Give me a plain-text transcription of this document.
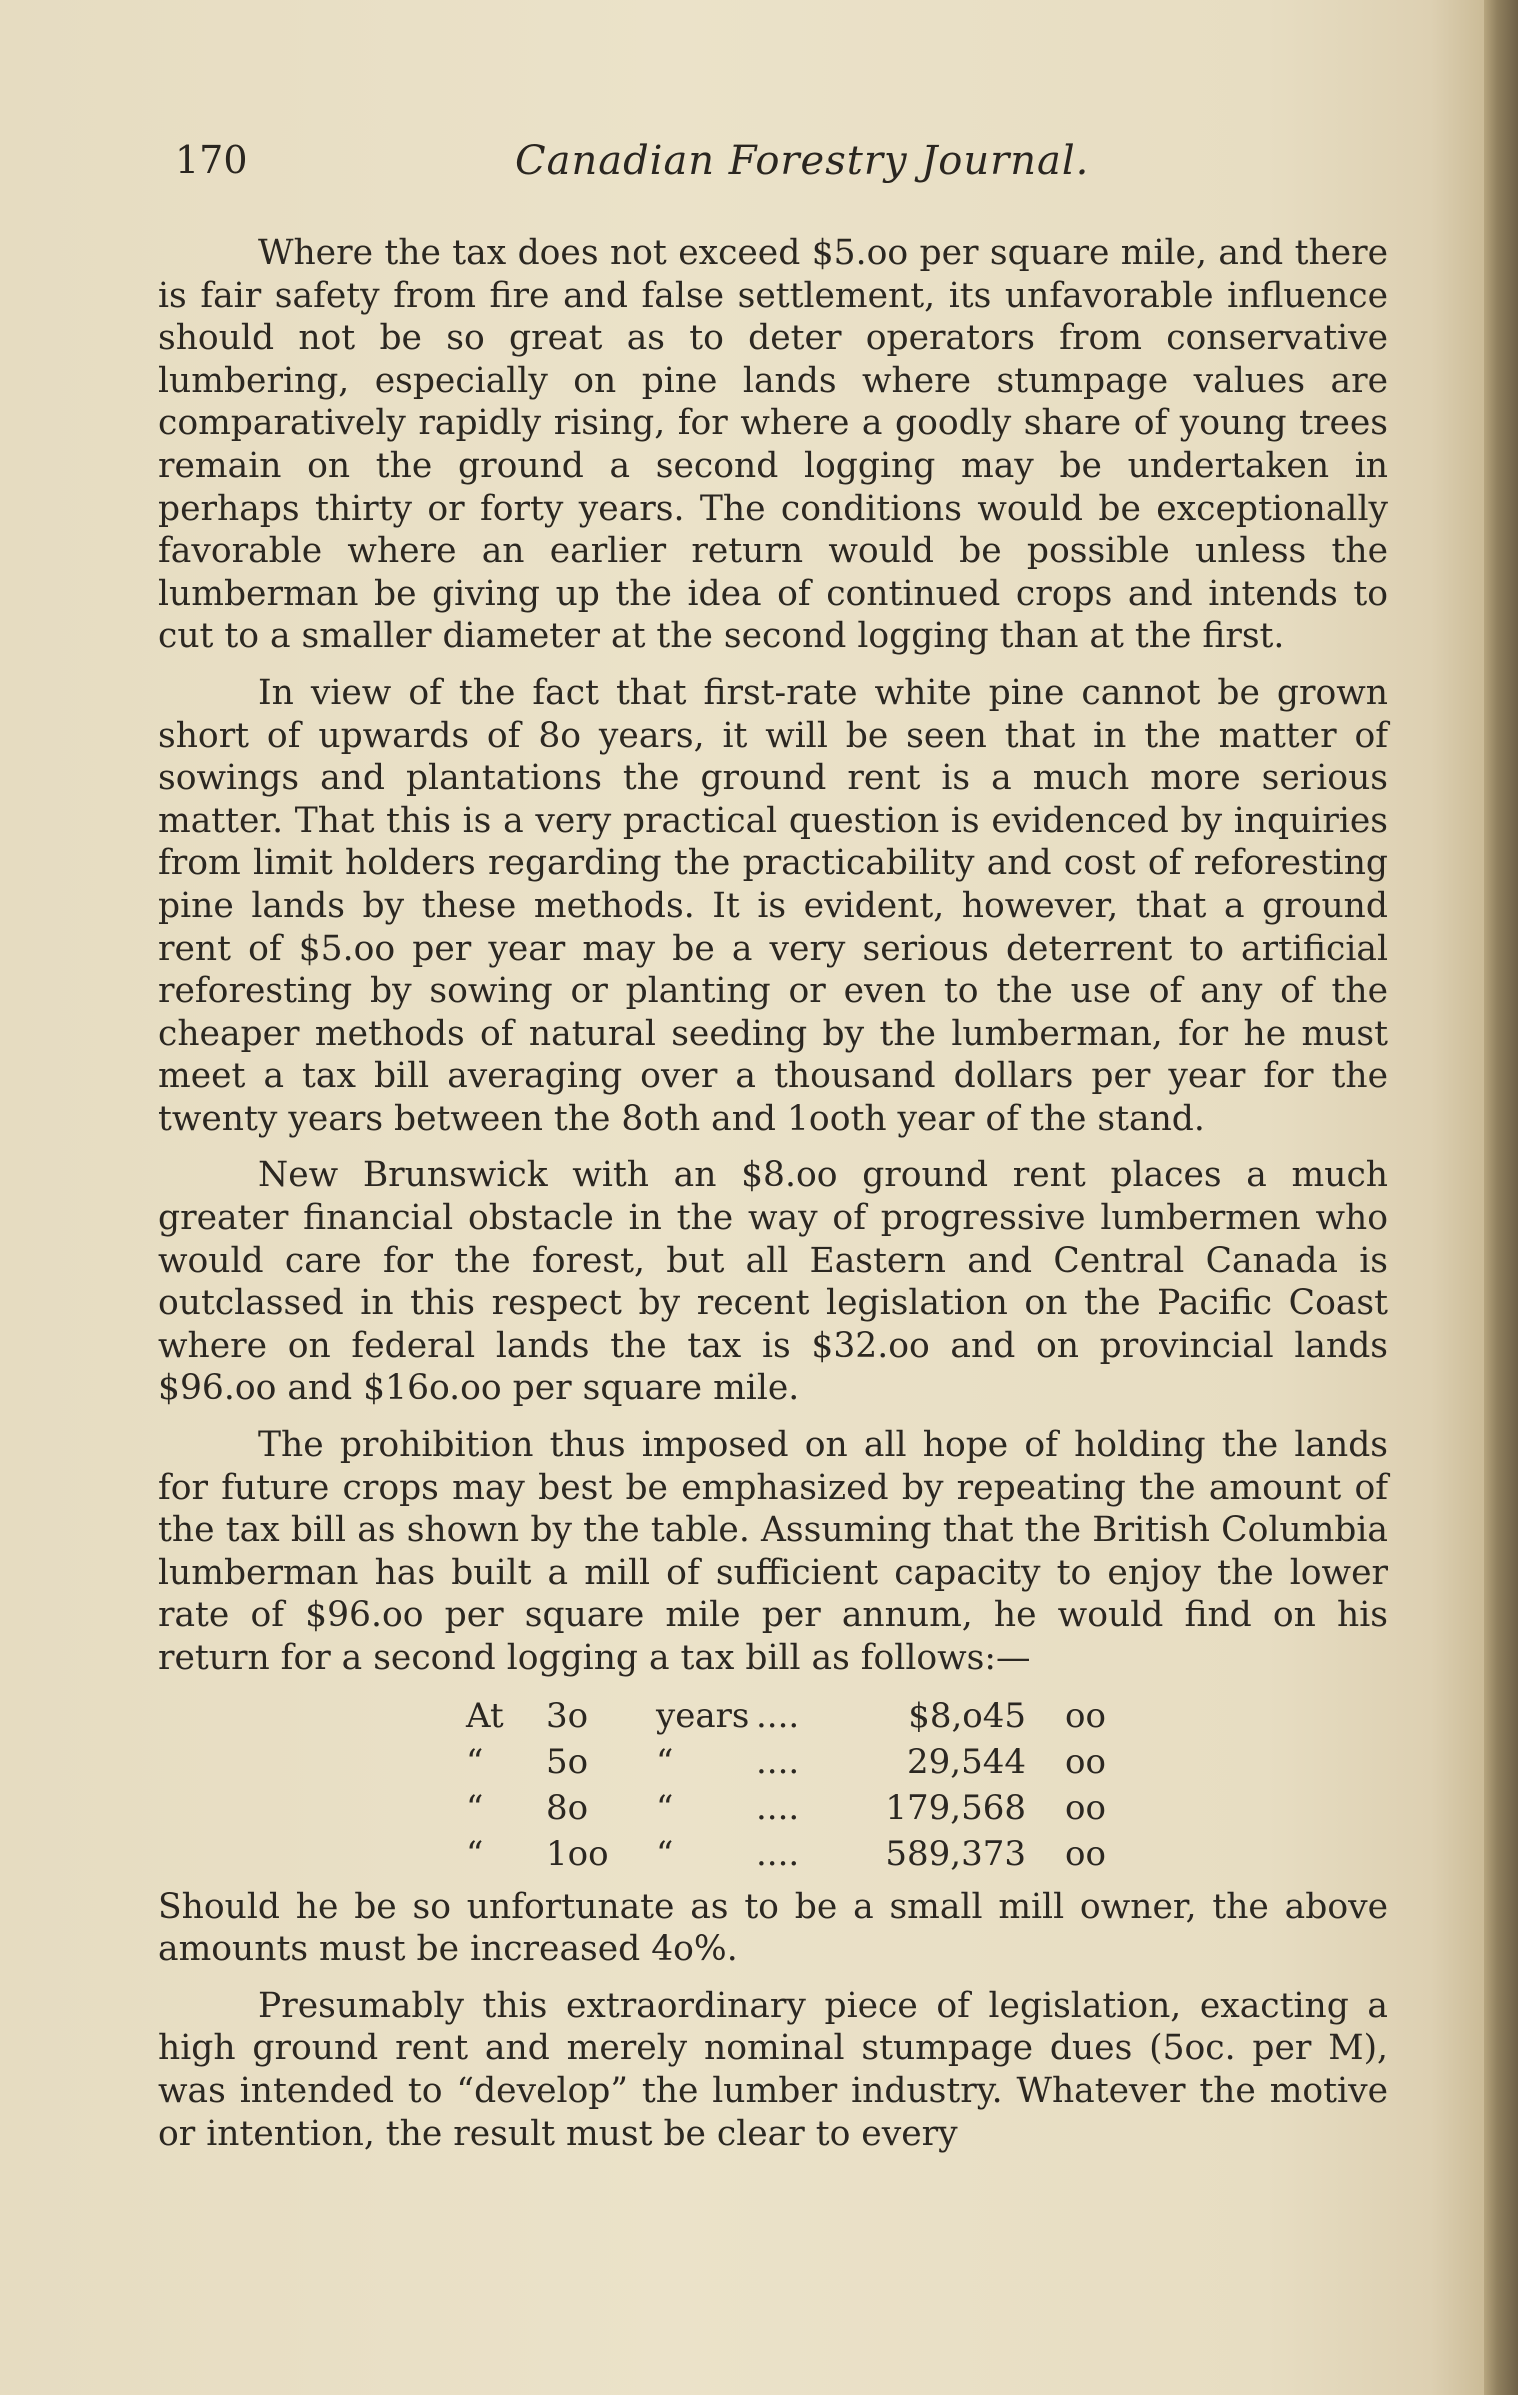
170	Canadian Forestry Journal.

Where the tax does not exceed $5.oo per square mile, and there is fair safety from fire and false settlement, its unfavorable influence should not be so great as to deter operators from conservative lumbering, especially on pine lands where stumpage values are comparatively rapidly rising, for where a goodly share of young trees remain on the ground a second logging may be undertaken in perhaps thirty or forty years. The conditions would be exceptionally favorable where an earlier return would be possible unless the lumberman be giving up the idea of continued crops and intends to cut to a smaller diameter at the second logging than at the first.

In view of the fact that first-rate white pine cannot be grown short of upwards of 8o years, it will be seen that in the matter of sowings and plantations the ground rent is a much more serious matter. That this is a very practical question is evidenced by inquiries from limit holders regarding the practicability and cost of reforesting pine lands by these methods. It is evident, however, that a ground rent of $5.oo per year may be a very serious deterrent to artificial reforesting by sowing or planting or even to the use of any of the cheaper methods of natural seeding by the lumberman, for he must meet a tax bill averaging over a thousand dollars per year for the twenty years between the 8oth and 1ooth year of the stand.

New Brunswick with an $8.oo ground rent places a much greater financial obstacle in the way of progressive lumbermen who would care for the forest, but all Eastern and Central Canada is outclassed in this respect by recent legislation on the Pacific Coast where on federal lands the tax is $32.oo and on provincial lands $96.oo and $16o.oo per square mile.

The prohibition thus imposed on all hope of holding the lands for future crops may best be emphasized by repeating the amount of the tax bill as shown by the table. Assuming that the British Columbia lumberman has built a mill of sufficient capacity to enjoy the lower rate of $96.oo per square mile per annum, he would find on his return for a second logging a tax bill as follows:—

At	3o	years	....	$8,o45	oo
“	5o	“	....	29,544	oo
“	8o	“	....	179,568	oo
“	1oo	“	....	589,373	oo

Should he be so unfortunate as to be a small mill owner, the above amounts must be increased 4o%.

Presumably this extraordinary piece of legislation, exacting a high ground rent and merely nominal stumpage dues (5oc. per M), was intended to “develop” the lumber industry. Whatever the motive or intention, the result must be clear to every
